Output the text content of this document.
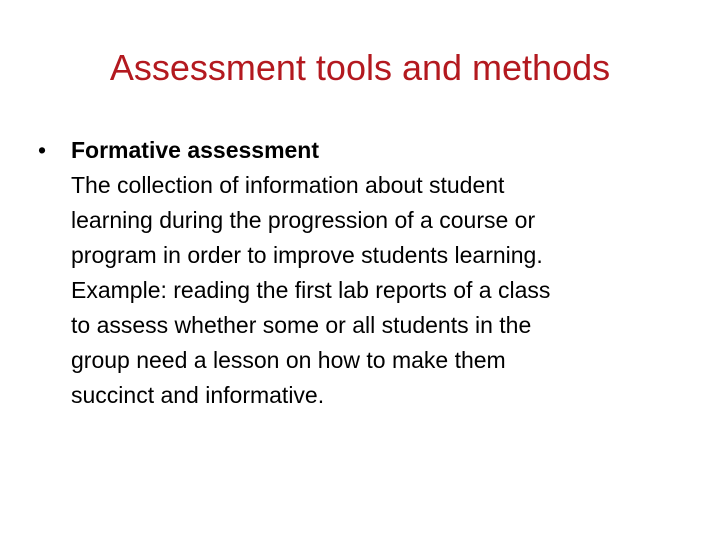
Assessment tools and methods
• Formative assessment
The collection of information about student
learning during the progression of a course or
program in order to improve students learning.
Example: reading the first lab reports of a class
to assess whether some or all students in the
group need a lesson on how to make them
succinct and informative.
